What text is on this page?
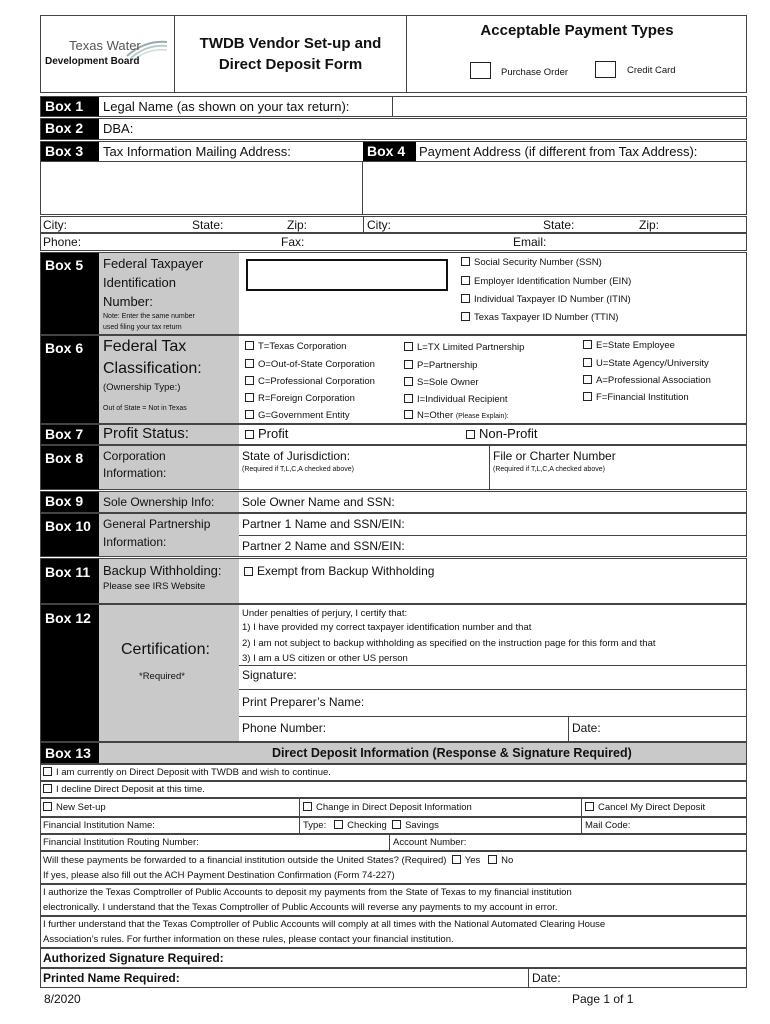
Texas Water
Development Board
TWDB Vendor Set-up and
Direct Deposit Form
Acceptable Payment Types
Purchase Order	Credit Card
Box 1	Legal Name (as shown on your tax return):
Box 2	DBA:
Box 3	Tax Information Mailing Address:	Box 4	Payment Address (if different from Tax Address):
City:	State:	Zip:	City:	State:	Zip:
Phone:	Fax:	Email:
Box 5	Federal Taxpayer
Identification
Number:
Note: Enter the same number
used filing your tax return
Social Security Number (SSN)
Employer Identification Number (EIN)
Individual Taxpayer ID Number (ITIN)
Texas Taxpayer ID Number (TTIN)
Box 6	Federal Tax
Classification:
(Ownership Type:)
Out of State = Not in Texas
T=Texas Corporation
O=Out-of-State Corporation
C=Professional Corporation
R=Foreign Corporation
G=Government Entity
L=TX Limited Partnership
P=Partnership
S=Sole Owner
I=Individual Recipient
N=Other (Please Explain):
E=State Employee
U=State Agency/University
A=Professional Association
F=Financial Institution
Box 7	Profit Status:	Profit	Non-Profit
Box 8	Corporation
Information:
State of Jurisdiction:
(Required if T,L,C,A checked above)
File or Charter Number
(Required if T,L,C,A checked above)
Box 9	Sole Ownership Info: Sole Owner Name and SSN:
Box 10	General Partnership
Information:
Partner 1 Name and SSN/EIN:
Partner 2 Name and SSN/EIN:
Box 11 Backup Withholding:
Please see IRS Website
Exempt from Backup Withholding
Box 12
Certification:
*Required*
Under penalties of perjury, I certify that:
1) I have provided my correct taxpayer identification number and that
2) I am not subject to backup withholding as specified on the instruction page for this form and that
3) I am a US citizen or other US person
Signature:
Print Preparer’s Name:
Phone Number:	Date:
Box 13	Direct Deposit Information (Response & Signature Required)
I am currently on Direct Deposit with TWDB and wish to continue.
I decline Direct Deposit at this time.
New Set-up	Change in Direct Deposit Information	Cancel My Direct Deposit
Financial Institution Name:	Type: Checking Savings	Mail Code:
Financial Institution Routing Number:	Account Number:
Will these payments be forwarded to a financial institution outside the United States? (Required) Yes No
If yes, please also fill out the ACH Payment Destination Confirmation (Form 74-227)
I authorize the Texas Comptroller of Public Accounts to deposit my payments from the State of Texas to my financial institution
electronically. I understand that the Texas Comptroller of Public Accounts will reverse any payments to my account in error.
I further understand that the Texas Comptroller of Public Accounts will comply at all times with the National Automated Clearing House
Association’s rules. For further information on these rules, please contact your financial institution.
Authorized Signature Required:
Printed Name Required:	Date:
8/2020	Page 1 of 1
